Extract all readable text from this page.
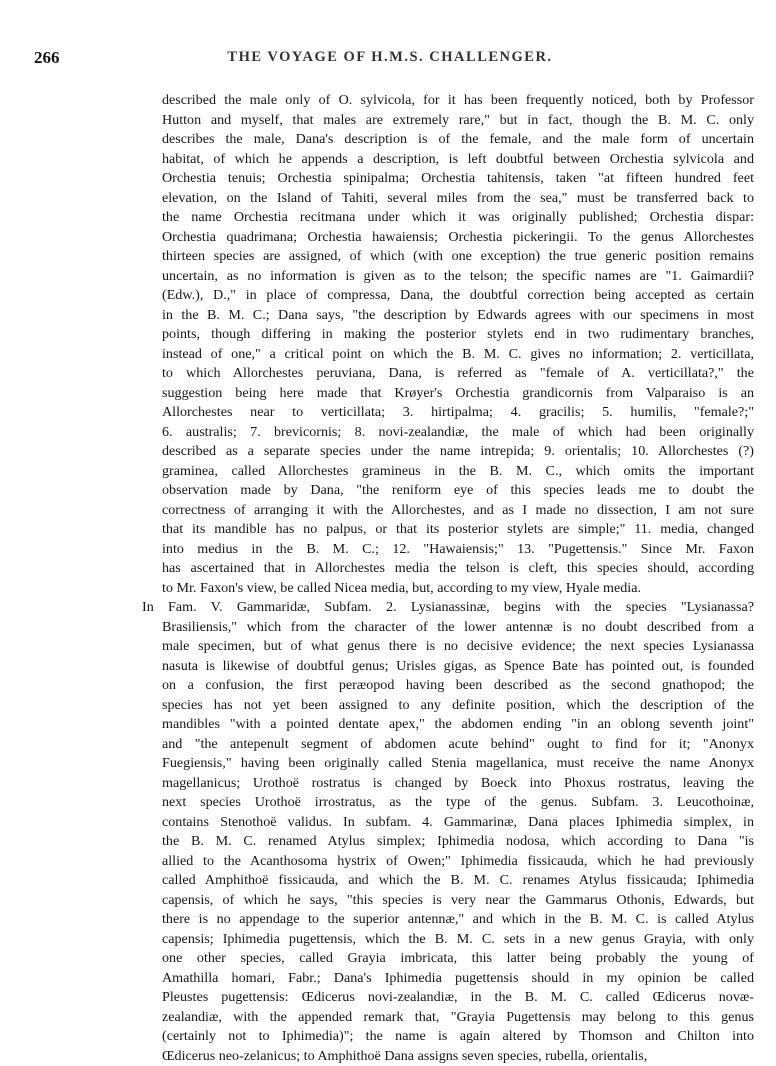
266	THE VOYAGE OF H.M.S. CHALLENGER.
described the male only of O. sylvicola, for it has been frequently noticed, both by Professor
Hutton and myself, that males are extremely rare," but in fact, though the B. M. C. only
describes the male, Dana's description is of the female, and the male form of uncertain
habitat, of which he appends a description, is left doubtful between Orchestia sylvicola and
Orchestia tenuis; Orchestia spinipalma; Orchestia tahitensis, taken "at fifteen hundred feet
elevation, on the Island of Tahiti, several miles from the sea," must be transferred back to
the name Orchestia recitmana under which it was originally published; Orchestia dispar:
Orchestia quadrimana; Orchestia hawaiensis; Orchestia pickeringii. To the genus Allorchestes
thirteen species are assigned, of which (with one exception) the true generic position remains
uncertain, as no information is given as to the telson; the specific names are "1. Gaimardii?
(Edw.), D.," in place of compressa, Dana, the doubtful correction being accepted as certain
in the B. M. C.; Dana says, "the description by Edwards agrees with our specimens in most
points, though differing in making the posterior stylets end in two rudimentary branches,
instead of one," a critical point on which the B. M. C. gives no information; 2. verticillata,
to which Allorchestes peruviana, Dana, is referred as "female of A. verticillata?," the
suggestion being here made that Krøyer's Orchestia grandicornis from Valparaiso is an
Allorchestes near to verticillata; 3. hirtipalma; 4. gracilis; 5. humilis, "female?;"
6. australis; 7. brevicornis; 8. novi-zealandiæ, the male of which had been originally
described as a separate species under the name intrepida; 9. orientalis; 10. Allorchestes (?)
graminea, called Allorchestes gramineus in the B. M. C., which omits the important
observation made by Dana, "the reniform eye of this species leads me to doubt the
correctness of arranging it with the Allorchestes, and as I made no dissection, I am not sure
that its mandible has no palpus, or that its posterior stylets are simple;" 11. media, changed
into medius in the B. M. C.; 12. "Hawaiensis;" 13. "Pugettensis." Since Mr. Faxon
has ascertained that in Allorchestes media the telson is cleft, this species should, according
to Mr. Faxon's view, be called Nicea media, but, according to my view, Hyale media.
In Fam. V. Gammaridæ, Subfam. 2. Lysianassinæ, begins with the species "Lysianassa?
Brasiliensis," which from the character of the lower antennæ is no doubt described from a
male specimen, but of what genus there is no decisive evidence; the next species Lysianassa
nasuta is likewise of doubtful genus; Urisles gigas, as Spence Bate has pointed out, is founded
on a confusion, the first peræopod having been described as the second gnathopod; the
species has not yet been assigned to any definite position, which the description of the
mandibles "with a pointed dentate apex," the abdomen ending "in an oblong seventh joint"
and "the antepenult segment of abdomen acute behind" ought to find for it; "Anonyx
Fuegiensis," having been originally called Stenia magellanica, must receive the name Anonyx
magellanicus; Urothoë rostratus is changed by Boeck into Phoxus rostratus, leaving the
next species Urothoë irrostratus, as the type of the genus. Subfam. 3. Leucothoinæ,
contains Stenothoë validus. In subfam. 4. Gammarinæ, Dana places Iphimedia simplex, in
the B. M. C. renamed Atylus simplex; Iphimedia nodosa, which according to Dana "is
allied to the Acanthosoma hystrix of Owen;" Iphimedia fissicauda, which he had previously
called Amphithoë fissicauda, and which the B. M. C. renames Atylus fissicauda; Iphimedia
capensis, of which he says, "this species is very near the Gammarus Othonis, Edwards, but
there is no appendage to the superior antennæ," and which in the B. M. C. is called Atylus
capensis; Iphimedia pugettensis, which the B. M. C. sets in a new genus Grayia, with only
one other species, called Grayia imbricata, this latter being probably the young of
Amathilla homari, Fabr.; Dana's Iphimedia pugettensis should in my opinion be called
Pleustes pugettensis: Œdicerus novi-zealandiæ, in the B. M. C. called Œdicerus novæ-
zealandiæ, with the appended remark that, "Grayia Pugettensis may belong to this genus
(certainly not to Iphimedia)"; the name is again altered by Thomson and Chilton into
Œdicerus neo-zelanicus; to Amphithoë Dana assigns seven species, rubella, orientalis,
